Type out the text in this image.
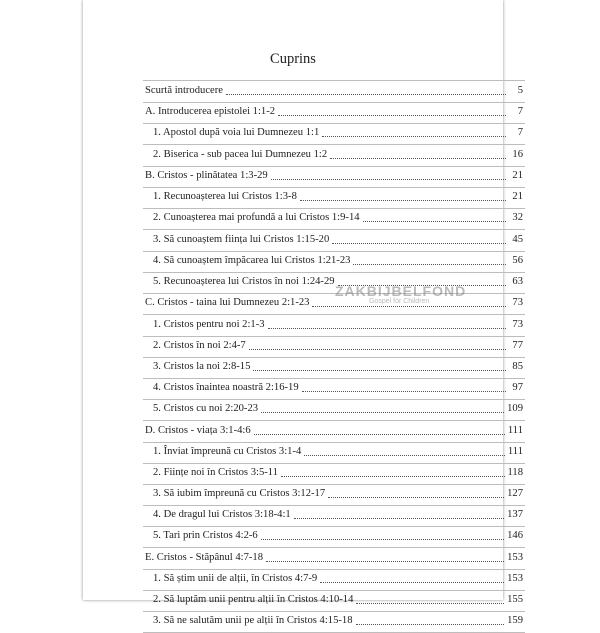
Cuprins
Scurtă introducere	5
A. Introducerea epistolei 1:1-2	7
1. Apostol după voia lui Dumnezeu 1:1	7
2. Biserica - sub pacea lui Dumnezeu 1:2	16
B. Cristos - plinătatea 1:3-29	21
1. Recunoașterea lui Cristos 1:3-8	21
2. Cunoașterea mai profundă a lui Cristos 1:9-14	32
3. Să cunoaștem ființa lui Cristos 1:15-20	45
4. Să cunoaștem împăcarea lui Cristos 1:21-23	56
5. Recunoașterea lui Cristos în noi 1:24-29	63
C. Cristos - taina lui Dumnezeu 2:1-23	73
1. Cristos pentru noi 2:1-3	73
2. Cristos în noi 2:4-7	77
3. Cristos la noi 2:8-15	85
4. Cristos înaintea noastră 2:16-19	97
5. Cristos cu noi 2:20-23	109
D. Cristos - viața 3:1-4:6	111
1. Înviat împreună cu Cristos 3:1-4	111
2. Ființe noi în Cristos 3:5-11	118
3. Să iubim împreună cu Cristos 3:12-17	127
4. De dragul lui Cristos 3:18-4:1	137
5. Tari prin Cristos 4:2-6	146
E. Cristos - Stăpânul 4:7-18	153
1. Să știm unii de alții, în Cristos 4:7-9	153
2. Să luptăm unii pentru alții în Cristos 4:10-14	155
3. Să ne salutăm unii pe alții în Cristos 4:15-18	159
ZAKBIJBELFOND
Gospel for Children
